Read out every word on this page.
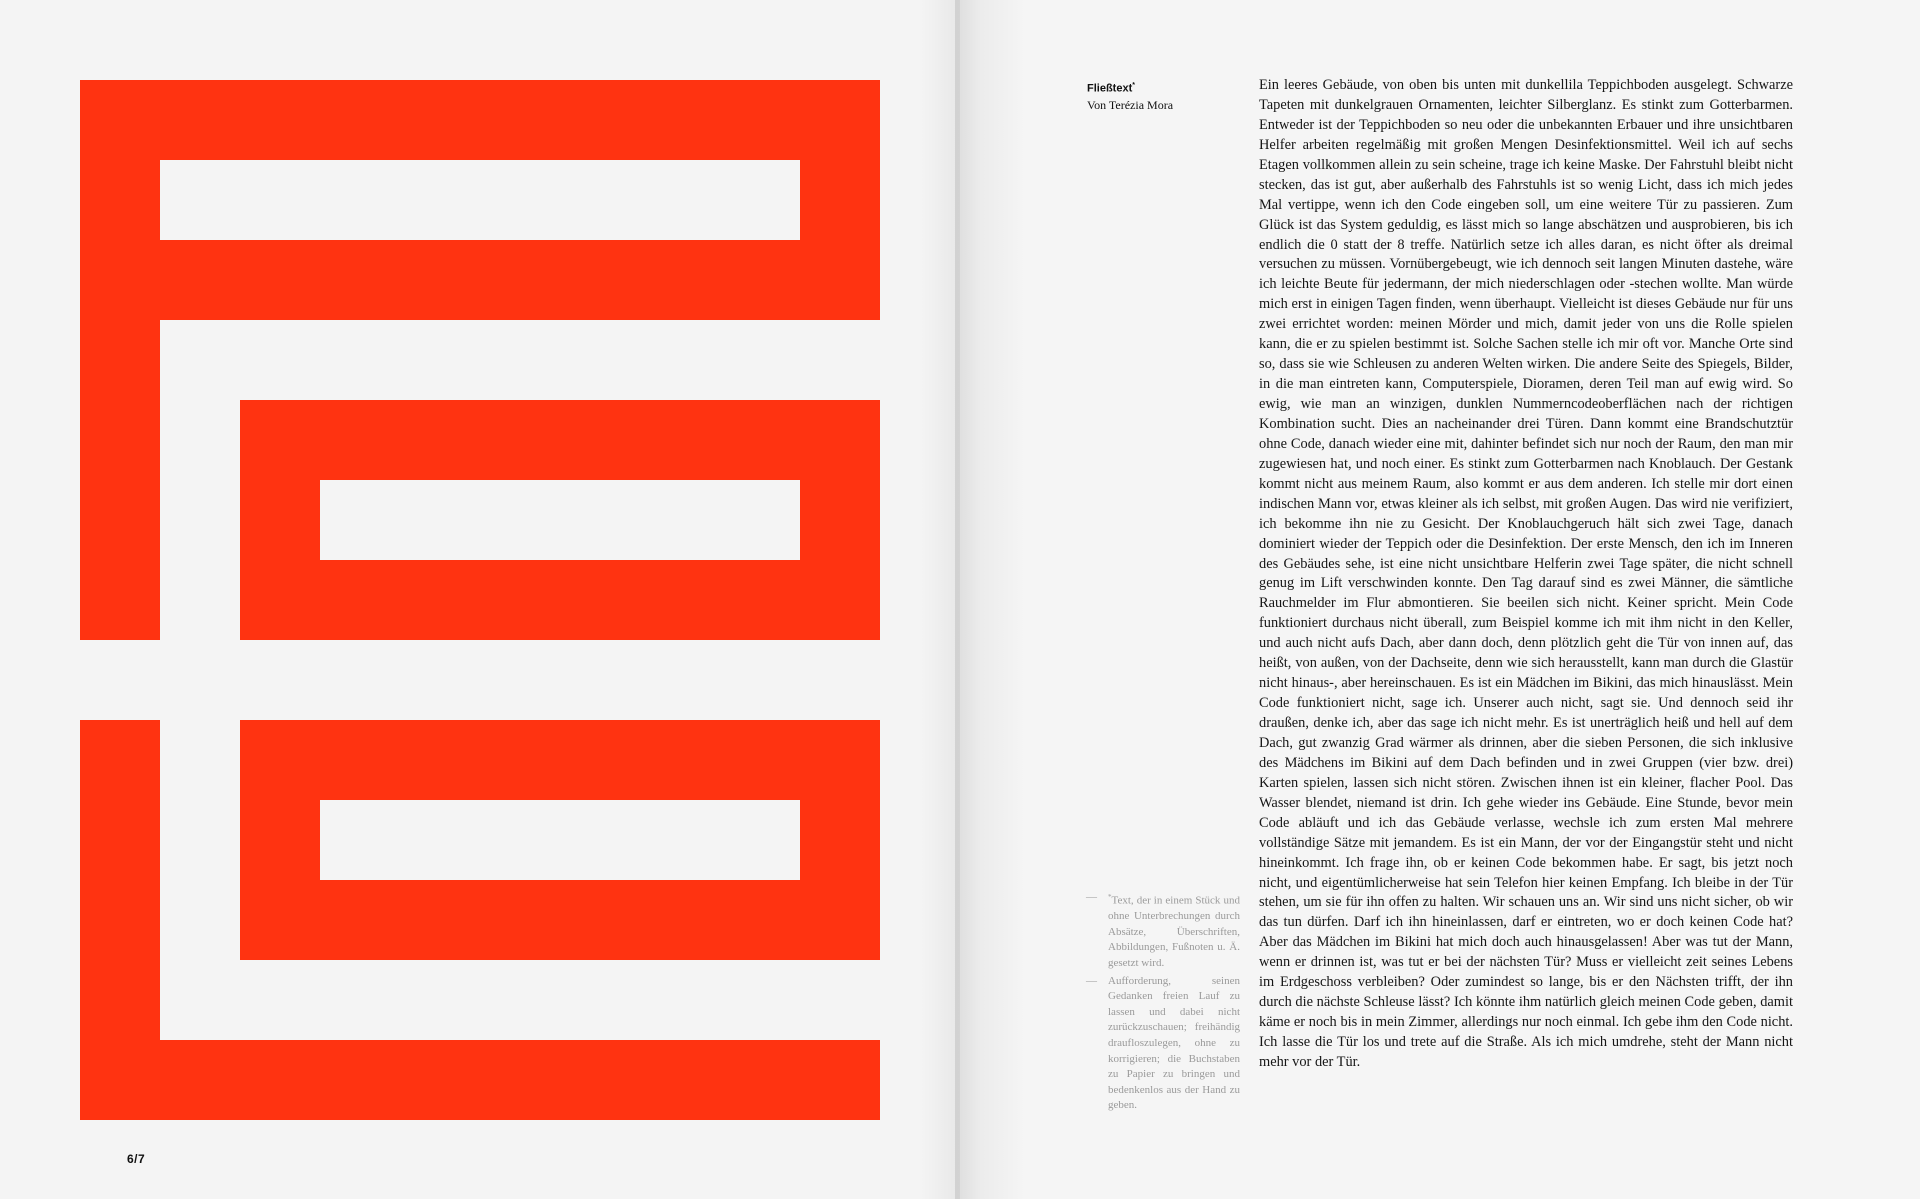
6/7
Fließtext*
Von Terézia Mora
—	*Text, der in einem Stück und ohne Unterbrechungen durch Absätze, Überschriften, Abbildungen, Fußnoten u. Ä. gesetzt wird.
—	Aufforderung, seinen Gedanken freien Lauf zu lassen und dabei nicht zurückzuschauen; freihändig draufloszulegen, ohne zu korrigieren; die Buchstaben zu Papier zu bringen und bedenkenlos aus der Hand zu geben.
Ein leeres Gebäude, von oben bis unten mit dunkellila Teppichboden ausgelegt. Schwarze Tapeten mit dunkelgrauen Ornamenten, leichter Silberglanz. Es stinkt zum Gotterbarmen. Entweder ist der Teppichboden so neu oder die unbekannten Erbauer und ihre unsichtbaren Helfer arbeiten regelmäßig mit großen Mengen Desinfektionsmittel. Weil ich auf sechs Etagen vollkommen allein zu sein scheine, trage ich keine Maske. Der Fahrstuhl bleibt nicht stecken, das ist gut, aber außerhalb des Fahrstuhls ist so wenig Licht, dass ich mich jedes Mal vertippe, wenn ich den Code eingeben soll, um eine weitere Tür zu passieren. Zum Glück ist das System geduldig, es lässt mich so lange abschätzen und ausprobieren, bis ich endlich die 0 statt der 8 treffe. Natürlich setze ich alles daran, es nicht öfter als dreimal versuchen zu müssen. Vornübergebeugt, wie ich dennoch seit langen Minuten dastehe, wäre ich leichte Beute für jedermann, der mich niederschlagen oder -stechen wollte. Man würde mich erst in einigen Tagen finden, wenn überhaupt. Vielleicht ist dieses Gebäude nur für uns zwei errichtet worden: meinen Mörder und mich, damit jeder von uns die Rolle spielen kann, die er zu spielen bestimmt ist. Solche Sachen stelle ich mir oft vor. Manche Orte sind so, dass sie wie Schleusen zu anderen Welten wirken. Die andere Seite des Spiegels, Bilder, in die man eintreten kann, Computerspiele, Dioramen, deren Teil man auf ewig wird. So ewig, wie man an winzigen, dunklen Nummerncodeoberflächen nach der richtigen Kombination sucht. Dies an nacheinander drei Türen. Dann kommt eine Brandschutztür ohne Code, danach wieder eine mit, dahinter befindet sich nur noch der Raum, den man mir zugewiesen hat, und noch einer. Es stinkt zum Gotterbarmen nach Knoblauch. Der Gestank kommt nicht aus meinem Raum, also kommt er aus dem anderen. Ich stelle mir dort einen indischen Mann vor, etwas kleiner als ich selbst, mit großen Augen. Das wird nie verifiziert, ich bekomme ihn nie zu Gesicht. Der Knoblauchgeruch hält sich zwei Tage, danach dominiert wieder der Teppich oder die Desinfektion. Der erste Mensch, den ich im Inneren des Gebäudes sehe, ist eine nicht unsichtbare Helferin zwei Tage später, die nicht schnell genug im Lift verschwinden konnte. Den Tag darauf sind es zwei Männer, die sämtliche Rauchmelder im Flur abmontieren. Sie beeilen sich nicht. Keiner spricht. Mein Code funktioniert durchaus nicht überall, zum Beispiel komme ich mit ihm nicht in den Keller, und auch nicht aufs Dach, aber dann doch, denn plötzlich geht die Tür von innen auf, das heißt, von außen, von der Dachseite, denn wie sich herausstellt, kann man durch die Glastür nicht hinaus-, aber hereinschauen. Es ist ein Mädchen im Bikini, das mich hinauslässt. Mein Code funktioniert nicht, sage ich. Unserer auch nicht, sagt sie. Und dennoch seid ihr draußen, denke ich, aber das sage ich nicht mehr. Es ist unerträglich heiß und hell auf dem Dach, gut zwanzig Grad wärmer als drinnen, aber die sieben Personen, die sich inklusive des Mädchens im Bikini auf dem Dach befinden und in zwei Gruppen (vier bzw. drei) Karten spielen, lassen sich nicht stören. Zwischen ihnen ist ein kleiner, flacher Pool. Das Wasser blendet, niemand ist drin. Ich gehe wieder ins Gebäude. Eine Stunde, bevor mein Code abläuft und ich das Gebäude verlasse, wechsle ich zum ersten Mal mehrere vollständige Sätze mit jemandem. Es ist ein Mann, der vor der Eingangstür steht und nicht hineinkommt. Ich frage ihn, ob er keinen Code bekommen habe. Er sagt, bis jetzt noch nicht, und eigentümlicherweise hat sein Telefon hier keinen Empfang. Ich bleibe in der Tür stehen, um sie für ihn offen zu halten. Wir schauen uns an. Wir sind uns nicht sicher, ob wir das tun dürfen. Darf ich ihn hineinlassen, darf er eintreten, wo er doch keinen Code hat? Aber das Mädchen im Bikini hat mich doch auch hinausgelassen! Aber was tut der Mann, wenn er drinnen ist, was tut er bei der nächsten Tür? Muss er vielleicht zeit seines Lebens im Erdgeschoss verbleiben? Oder zumindest so lange, bis er den Nächsten trifft, der ihn durch die nächste Schleuse lässt? Ich könnte ihm natürlich gleich meinen Code geben, damit käme er noch bis in mein Zimmer, allerdings nur noch einmal. Ich gebe ihm den Code nicht. Ich lasse die Tür los und trete auf die Straße. Als ich mich umdrehe, steht der Mann nicht mehr vor der Tür.
